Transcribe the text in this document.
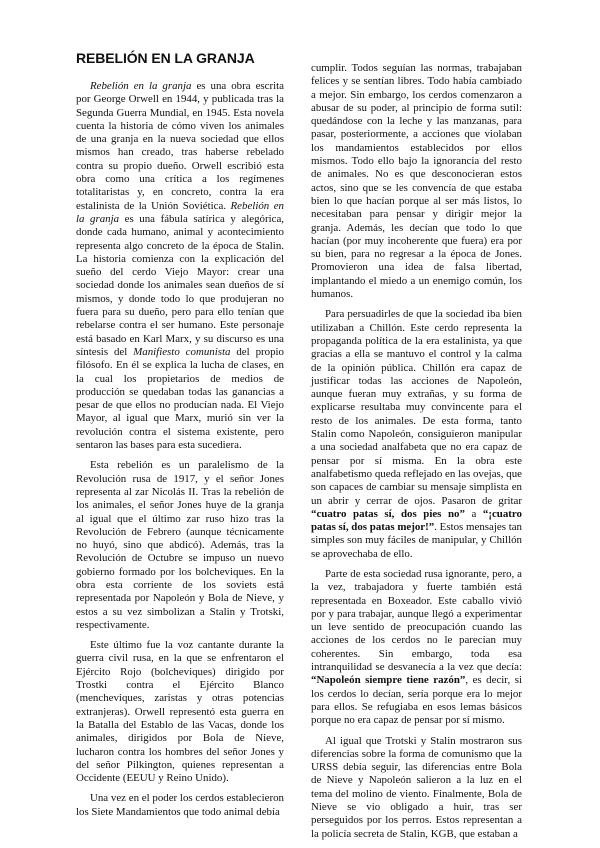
REBELIÓN EN LA GRANJA

Rebelión en la granja es una obra escrita por George Orwell en 1944, y publicada tras la Segunda Guerra Mundial, en 1945. Esta novela cuenta la historia de cómo viven los animales de una granja en la nueva sociedad que ellos mismos han creado, tras haberse rebelado contra su propio dueño. Orwell escribió esta obra como una crítica a los regímenes totalitaristas y, en concreto, contra la era estalinista de la Unión Soviética. Rebelión en la granja es una fábula satírica y alegórica, donde cada humano, animal y acontecimiento representa algo concreto de la época de Stalin. La historia comienza con la explicación del sueño del cerdo Viejo Mayor: crear una sociedad donde los animales sean dueños de sí mismos, y donde todo lo que produjeran no fuera para su dueño, pero para ello tenían que rebelarse contra el ser humano. Este personaje está basado en Karl Marx, y su discurso es una síntesis del Manifiesto comunista del propio filósofo. En él se explica la lucha de clases, en la cual los propietarios de medios de producción se quedaban todas las ganancias a pesar de que ellos no producían nada. El Viejo Mayor, al igual que Marx, murió sin ver la revolución contra el sistema existente, pero sentaron las bases para esta sucediera.

Esta rebelión es un paralelismo de la Revolución rusa de 1917, y el señor Jones representa al zar Nicolás II. Tras la rebelión de los animales, el señor Jones huye de la granja al igual que el último zar ruso hizo tras la Revolución de Febrero (aunque técnicamente no huyó, sino que abdicó). Además, tras la Revolución de Octubre se impuso un nuevo gobierno formado por los bolcheviques. En la obra esta corriente de los soviets está representada por Napoleón y Bola de Nieve, y estos a su vez simbolizan a Stalin y Trotski, respectivamente.

Este último fue la voz cantante durante la guerra civil rusa, en la que se enfrentaron el Ejército Rojo (bolcheviques) dirigido por Trostki contra el Ejército Blanco (mencheviques, zaristas y otras potencias extranjeras). Orwell representó esta guerra en la Batalla del Establo de las Vacas, donde los animales, dirigidos por Bola de Nieve, lucharon contra los hombres del señor Jones y del señor Pilkington, quienes representan a Occidente (EEUU y Reino Unido).

Una vez en el poder los cerdos establecieron los Siete Mandamientos que todo animal debía

cumplir. Todos seguían las normas, trabajaban felices y se sentían libres. Todo había cambiado a mejor. Sin embargo, los cerdos comenzaron a abusar de su poder, al principio de forma sutil: quedándose con la leche y las manzanas, para pasar, posteriormente, a acciones que violaban los mandamientos establecidos por ellos mismos. Todo ello bajo la ignorancia del resto de animales. No es que desconocieran estos actos, sino que se les convencía de que estaba bien lo que hacían porque al ser más listos, lo necesitaban para pensar y dirigir mejor la granja. Además, les decían que todo lo que hacían (por muy incoherente que fuera) era por su bien, para no regresar a la época de Jones. Promovieron una idea de falsa libertad, implantando el miedo a un enemigo común, los humanos.

Para persuadirles de que la sociedad iba bien utilizaban a Chillón. Este cerdo representa la propaganda política de la era estalinista, ya que gracias a ella se mantuvo el control y la calma de la opinión pública. Chillón era capaz de justificar todas las acciones de Napoleón, aunque fueran muy extrañas, y su forma de explicarse resultaba muy convincente para el resto de los animales. De esta forma, tanto Stalin como Napoleón, consiguieron manipular a una sociedad analfabeta que no era capaz de pensar por sí misma. En la obra este analfabetismo queda reflejado en las ovejas, que son capaces de cambiar su mensaje simplista en un abrir y cerrar de ojos. Pasaron de gritar “cuatro patas sí, dos pies no” a “¡cuatro patas sí, dos patas mejor!”. Estos mensajes tan simples son muy fáciles de manipular, y Chillón se aprovechaba de ello.

Parte de esta sociedad rusa ignorante, pero, a la vez, trabajadora y fuerte también está representada en Boxeador. Este caballo vivió por y para trabajar, aunque llegó a experimentar un leve sentido de preocupación cuando las acciones de los cerdos no le parecían muy coherentes. Sin embargo, toda esa intranquilidad se desvanecía a la vez que decía: “Napoleón siempre tiene razón”, es decir, si los cerdos lo decían, sería porque era lo mejor para ellos. Se refugiaba en esos lemas básicos porque no era capaz de pensar por sí mismo.

Al igual que Trotski y Stalin mostraron sus diferencias sobre la forma de comunismo que la URSS debía seguir, las diferencias entre Bola de Nieve y Napoleón salieron a la luz en el tema del molino de viento. Finalmente, Bola de Nieve se vio obligado a huir, tras ser perseguidos por los perros. Estos representan a la policía secreta de Stalin, KGB, que estaban a
